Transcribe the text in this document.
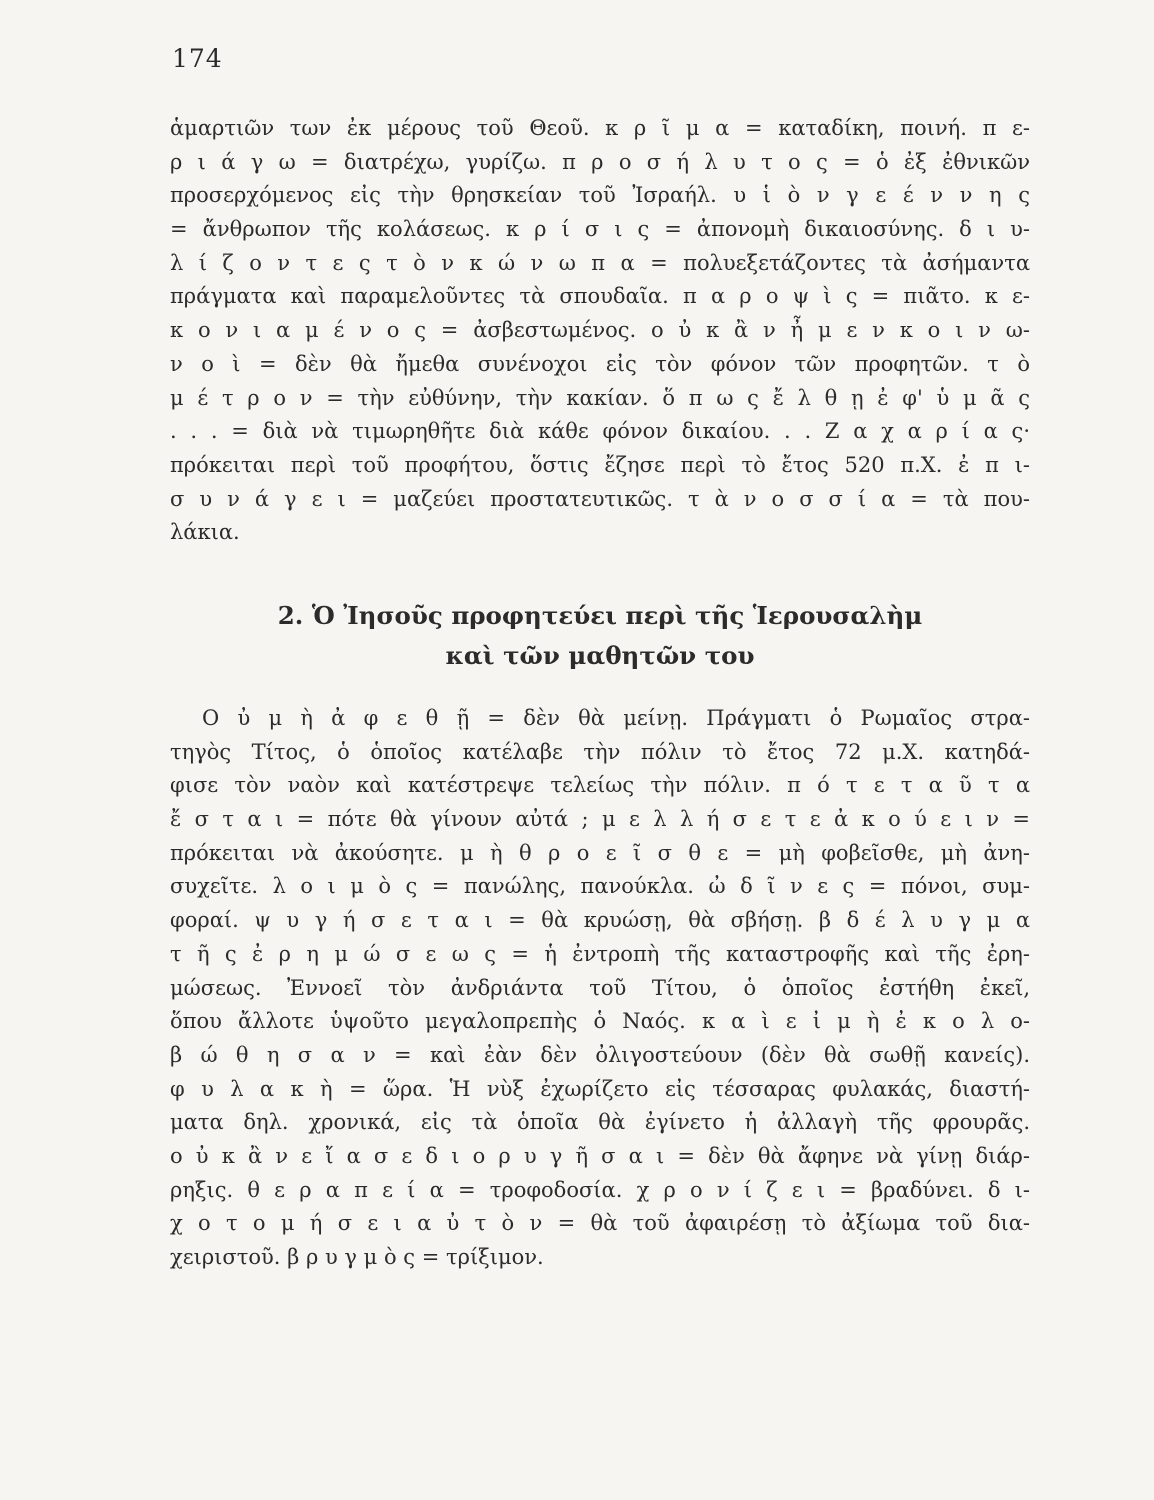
174
ἁμαρτιῶν των ἐκ μέρους τοῦ Θεοῦ. κ ρ ῖ μ α = καταδίκη, ποινή. π ε-
ρ ι ά γ ω = διατρέχω, γυρίζω. π ρ ο σ ή λ υ τ ο ς = ὁ ἐξ ἐθνικῶν
προσερχόμενος εἰς τὴν θρησκείαν τοῦ Ἰσραήλ. υ ἱ ὸ ν γ ε έ ν ν η ς
= ἄνθρωπον τῆς κολάσεως. κ ρ ί σ ι ς = ἀπονομὴ δικαιοσύνης. δ ι υ-
λ ί ζ ο ν τ ε ς τ ὸ ν κ ώ ν ω π α = πολυεξετάζοντες τὰ ἀσήμαντα
πράγματα καὶ παραμελοῦντες τὰ σπουδαῖα. π α ρ ο ψ ὶ ς = πιᾶτο. κ ε-
κ ο ν ι α μ έ ν ο ς = ἀσβεστωμένος. ο ὐ κ ἂ ν ἦ μ ε ν κ ο ι ν ω-
ν ο ὶ = δὲν θὰ ἤμεθα συνένοχοι εἰς τὸν φόνον τῶν προφητῶν. τ ὸ
μ έ τ ρ ο ν = τὴν εὐθύνην, τὴν κακίαν. ὅ π ω ς ἔ λ θ ῃ ἐ φ' ὑ μ ᾶ ς
. . . = διὰ νὰ τιμωρηθῆτε διὰ κάθε φόνον δικαίου. . . Ζ α χ α ρ ί α ς·
πρόκειται περὶ τοῦ προφήτου, ὅστις ἔζησε περὶ τὸ ἔτος 520 π.Χ. ἐ π ι-
σ υ ν ά γ ε ι = μαζεύει προστατευτικῶς. τ ὰ ν ο σ σ ί α = τὰ που-
λάκια.
2. Ὁ Ἰησοῦς προφητεύει περὶ τῆς Ἱερουσαλὴμ
καὶ τῶν μαθητῶν του
Ο ὐ μ ὴ ἀ φ ε θ ῇ = δὲν θὰ μείνῃ. Πράγματι ὁ Ρωμαῖος στρα-
τηγὸς Τίτος, ὁ ὁποῖος κατέλαβε τὴν πόλιν τὸ ἔτος 72 μ.Χ. κατηδά-
φισε τὸν ναὸν καὶ κατέστρεψε τελείως τὴν πόλιν. π ό τ ε τ α ῦ τ α
ἔ σ τ α ι = πότε θὰ γίνουν αὐτά ; μ ε λ λ ή σ ε τ ε ἀ κ ο ύ ε ι ν =
πρόκειται νὰ ἀκούσητε. μ ὴ θ ρ ο ε ῖ σ θ ε = μὴ φοβεῖσθε, μὴ ἀνη-
συχεῖτε. λ ο ι μ ὸ ς = πανώλης, πανούκλα. ὠ δ ῖ ν ε ς = πόνοι, συμ-
φοραί. ψ υ γ ή σ ε τ α ι = θὰ κρυώσῃ, θὰ σβήσῃ. β δ έ λ υ γ μ α
τ ῆ ς ἐ ρ η μ ώ σ ε ω ς = ἡ ἐντροπὴ τῆς καταστροφῆς καὶ τῆς ἐρη-
μώσεως. Ἐννοεῖ τὸν ἀνδριάντα τοῦ Τίτου, ὁ ὁποῖος ἐστήθη ἐκεῖ,
ὅπου ἄλλοτε ὑψοῦτο μεγαλοπρεπὴς ὁ Ναός. κ α ὶ ε ἰ μ ὴ ἐ κ ο λ ο-
β ώ θ η σ α ν = καὶ ἐὰν δὲν ὀλιγοστεύουν (δὲν θὰ σωθῇ κανείς).
φ υ λ α κ ὴ = ὥρα. Ἡ νὺξ ἐχωρίζετο εἰς τέσσαρας φυλακάς, διαστή-
ματα δηλ. χρονικά, εἰς τὰ ὁποῖα θὰ ἐγίνετο ἡ ἀλλαγὴ τῆς φρουρᾶς.
ο ὐ κ ἂ ν ε ἴ α σ ε δ ι ο ρ υ γ ῆ σ α ι = δὲν θὰ ἄφηνε νὰ γίνῃ διάρ-
ρηξις. θ ε ρ α π ε ί α = τροφοδοσία. χ ρ ο ν ί ζ ε ι = βραδύνει. δ ι-
χ ο τ ο μ ή σ ε ι α ὐ τ ὸ ν = θὰ τοῦ ἀφαιρέσῃ τὸ ἀξίωμα τοῦ δια-
χειριστοῦ. β ρ υ γ μ ὸ ς = τρίξιμον.
